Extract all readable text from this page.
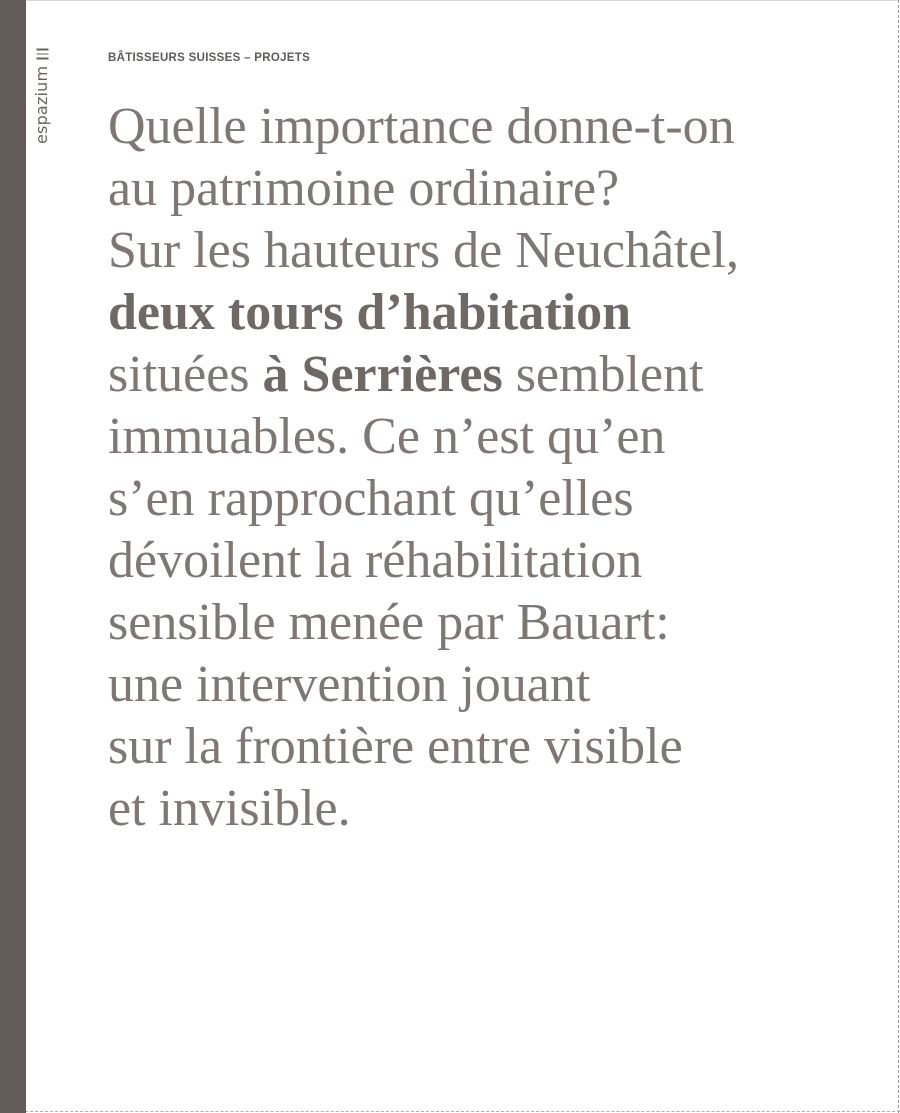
espazium
BÂTISSEURS SUISSES – PROJETS

Quelle importance donne-t-on
au patrimoine ordinaire?
Sur les hauteurs de Neuchâtel,
deux tours d’habitation
situées à Serrières semblent
immuables. Ce n’est qu’en
s’en rapprochant qu’elles
dévoilent la réhabilitation
sensible menée par Bauart:
une intervention jouant
sur la frontière entre visible
et invisible.
